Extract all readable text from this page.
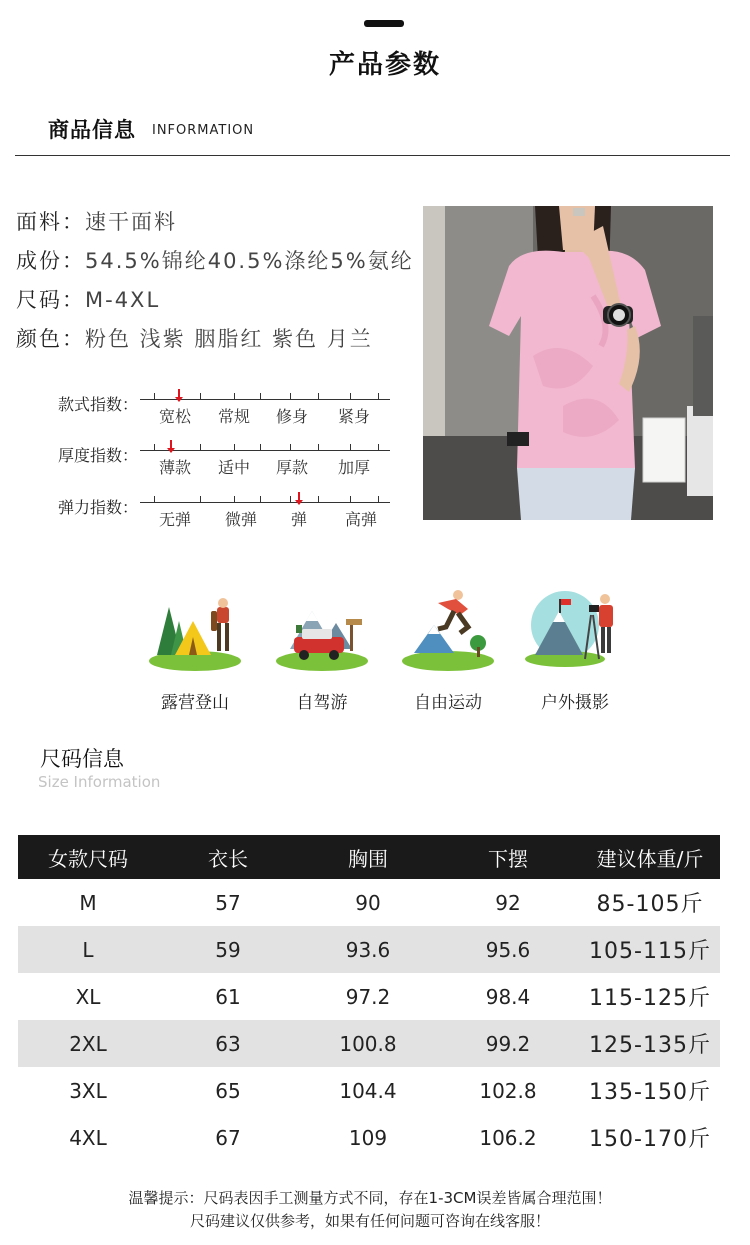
产品参数
商品信息 INFORMATION
面料：速干面料
成份：54.5%锦纶40.5%涤纶5%氨纶
尺码：M-4XL
颜色：粉色 浅紫 胭脂红 紫色 月兰
款式指数：
宽松 常规 修身 紧身
厚度指数：
薄款 适中 厚款 加厚
弹力指数：
无弹 微弹 弹 高弹
露营登山	自驾游	自由运动	户外摄影
尺码信息
Size Information
女款尺码	衣长	胸围	下摆	建议体重/斤
M	57	90	92	85-105斤
L	59	93.6	95.6	105-115斤
XL	61	97.2	98.4	115-125斤
2XL	63	100.8	99.2	125-135斤
3XL	65	104.4	102.8	135-150斤
4XL	67	109	106.2	150-170斤
温馨提示：尺码表因手工测量方式不同，存在1-3CM误差皆属合理范围！
尺码建议仅供参考，如果有任何问题可咨询在线客服！
